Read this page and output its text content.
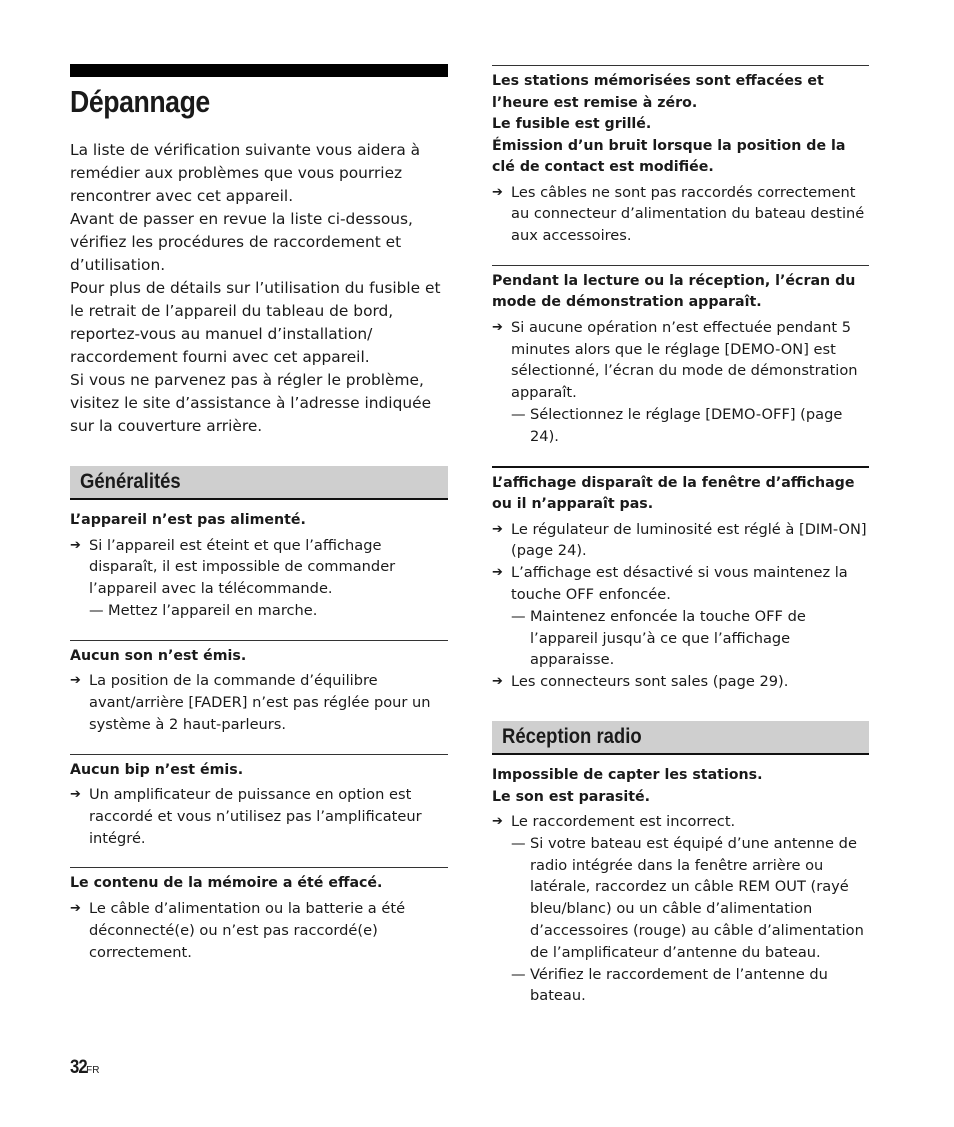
Dépannage

La liste de vérification suivante vous aidera à remédier aux problèmes que vous pourriez rencontrer avec cet appareil.

Avant de passer en revue la liste ci-dessous, vérifiez les procédures de raccordement et d’utilisation.

Pour plus de détails sur l’utilisation du fusible et le retrait de l’appareil du tableau de bord, reportez-vous au manuel d’installation/ raccordement fourni avec cet appareil.

Si vous ne parvenez pas à régler le problème, visitez le site d’assistance à l’adresse indiquée sur la couverture arrière.

Généralités

L’appareil n’est pas alimenté.

➔ Si l’appareil est éteint et que l’affichage disparaît, il est impossible de commander l’appareil avec la télécommande.
— Mettez l’appareil en marche.

Aucun son n’est émis.

➔ La position de la commande d’équilibre avant/arrière [FADER] n’est pas réglée pour un système à 2 haut-parleurs.

Aucun bip n’est émis.

➔ Un amplificateur de puissance en option est raccordé et vous n’utilisez pas l’amplificateur intégré.

Le contenu de la mémoire a été effacé.

➔ Le câble d’alimentation ou la batterie a été déconnecté(e) ou n’est pas raccordé(e) correctement.

Les stations mémorisées sont effacées et l’heure est remise à zéro.

Le fusible est grillé.

Émission d’un bruit lorsque la position de la clé de contact est modifiée.

➔ Les câbles ne sont pas raccordés correctement au connecteur d’alimentation du bateau destiné aux accessoires.

Pendant la lecture ou la réception, l’écran du mode de démonstration apparaît.

➔ Si aucune opération n’est effectuée pendant 5 minutes alors que le réglage [DEMO-ON] est sélectionné, l’écran du mode de démonstration apparaît.
— Sélectionnez le réglage [DEMO-OFF] (page 24).

L’affichage disparaît de la fenêtre d’affichage ou il n’apparaît pas.

➔ Le régulateur de luminosité est réglé à [DIM-ON] (page 24).
➔ L’affichage est désactivé si vous maintenez la touche OFF enfoncée.
— Maintenez enfoncée la touche OFF de l’appareil jusqu’à ce que l’affichage apparaisse.
➔ Les connecteurs sont sales (page 29).
Réception radio

Impossible de capter les stations.

Le son est parasité.

➔ Le raccordement est incorrect.
— Si votre bateau est équipé d’une antenne de radio intégrée dans la fenêtre arrière ou latérale, raccordez un câble REM OUT (rayé bleu/blanc) ou un câble d’alimentation d’accessoires (rouge) au câble d’alimentation de l’amplificateur d’antenne du bateau.
— Vérifiez le raccordement de l’antenne du bateau.
32FR
